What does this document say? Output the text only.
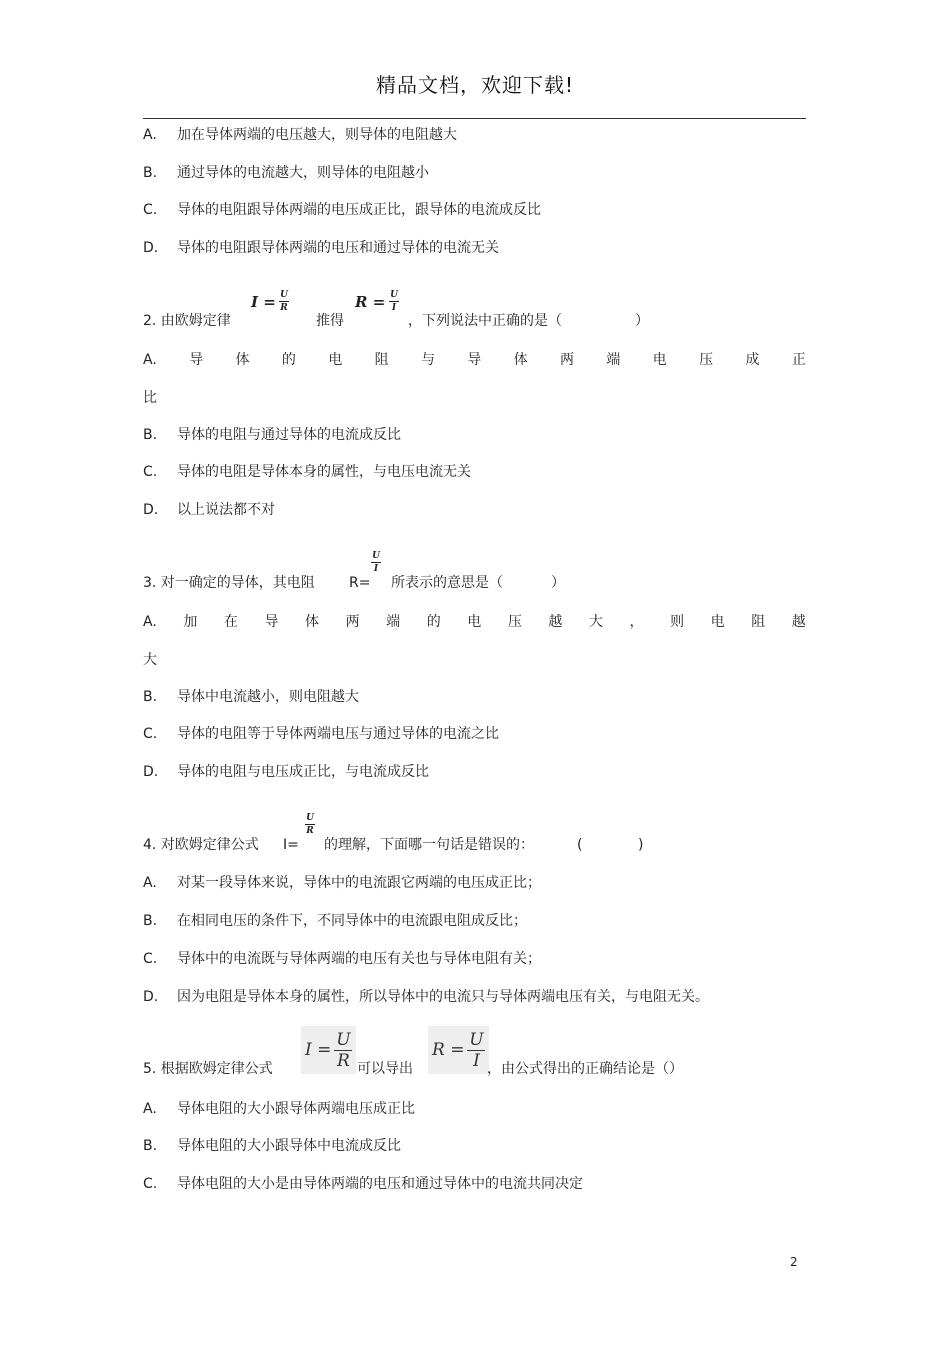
精品文档，欢迎下载!
A. 加在导体两端的电压越大，则导体的电阻越大
B. 通过导体的电流越大，则导体的电阻越小
C. 导体的电阻跟导体两端的电压成正比，跟导体的电流成反比
D. 导体的电阻跟导体两端的电压和通过导体的电流无关
2. 由欧姆定律
I = U
R
推得
R = U
I
，下列说法中正确的是（	）
A. 导 体 的 电 阻 与 导 体 两 端 电 压 成 正
比
B. 导体的电阻与通过导体的电流成反比
C. 导体的电阻是导体本身的属性，与电压电流无关
D. 以上说法都不对
3. 对一确定的导体，其电阻 R=
U
I
所表示的意思是（	）
A. 加 在 导 体 两 端 的 电 压 越 大 ， 则 电 阻 越
大
B. 导体中电流越小，则电阻越大
C. 导体的电阻等于导体两端电压与通过导体的电流之比
D. 导体的电阻与电压成正比，与电流成反比
4. 对欧姆定律公式 I=
U
R
的理解，下面哪一句话是错误的：	(	)
A. 对某一段导体来说，导体中的电流跟它两端的电压成正比；
B. 在相同电压的条件下，不同导体中的电流跟电阻成反比；
C. 导体中的电流既与导体两端的电压有关也与导体电阻有关；
D. 因为电阻是导体本身的属性，所以导体中的电流只与导体两端电压有关，与电阻无关。
5. 根据欧姆定律公式
I =
U
R 可以导出
R =
U
I ，由公式得出的正确结论是（）
A. 导体电阻的大小跟导体两端电压成正比
B. 导体电阻的大小跟导体中电流成反比
C. 导体电阻的大小是由导体两端的电压和通过导体中的电流共同决定
2
